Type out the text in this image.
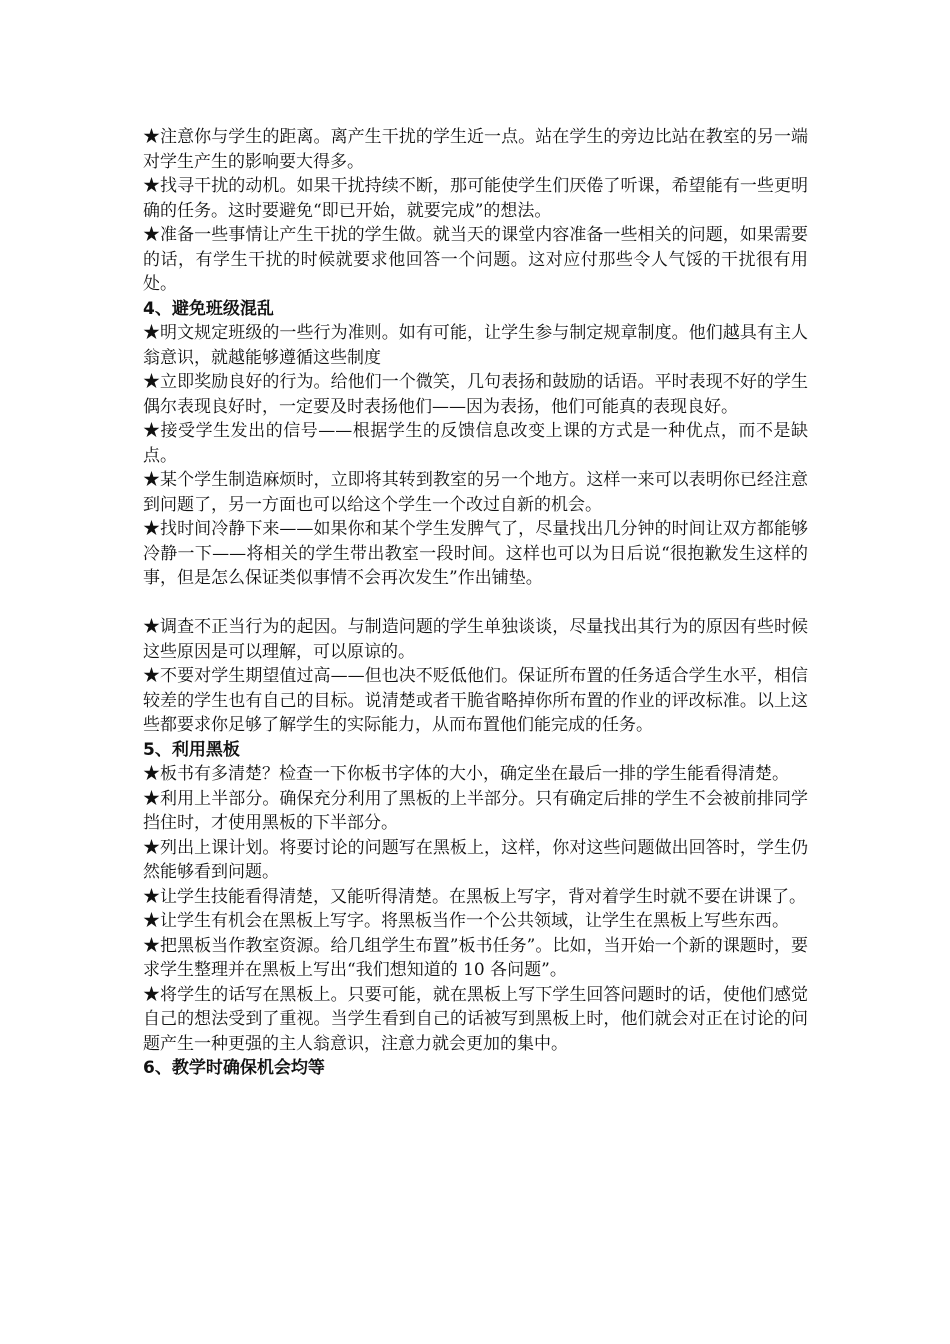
★注意你与学生的距离。离产生干扰的学生近一点。站在学生的旁边比站在教室的另一端对学生产生的影响要大得多。

★找寻干扰的动机。如果干扰持续不断，那可能使学生们厌倦了听课，希望能有一些更明确的任务。这时要避免“即已开始，就要完成”的想法。

★准备一些事情让产生干扰的学生做。就当天的课堂内容准备一些相关的问题，如果需要的话，有学生干扰的时候就要求他回答一个问题。这对应付那些令人气馁的干扰很有用处。

4、避免班级混乱

★明文规定班级的一些行为准则。如有可能，让学生参与制定规章制度。他们越具有主人翁意识，就越能够遵循这些制度

★立即奖励良好的行为。给他们一个微笑，几句表扬和鼓励的话语。平时表现不好的学生偶尔表现良好时，一定要及时表扬他们——因为表扬，他们可能真的表现良好。

★接受学生发出的信号——根据学生的反馈信息改变上课的方式是一种优点，而不是缺点。

★某个学生制造麻烦时，立即将其转到教室的另一个地方。这样一来可以表明你已经注意到问题了，另一方面也可以给这个学生一个改过自新的机会。

★找时间冷静下来——如果你和某个学生发脾气了，尽量找出几分钟的时间让双方都能够冷静一下——将相关的学生带出教室一段时间。这样也可以为日后说“很抱歉发生这样的事，但是怎么保证类似事情不会再次发生”作出铺垫。

★调查不正当行为的起因。与制造问题的学生单独谈谈，尽量找出其行为的原因有些时候这些原因是可以理解，可以原谅的。

★不要对学生期望值过高——但也决不贬低他们。保证所布置的任务适合学生水平，相信较差的学生也有自己的目标。说清楚或者干脆省略掉你所布置的作业的评改标准。以上这些都要求你足够了解学生的实际能力，从而布置他们能完成的任务。

5、利用黑板

★板书有多清楚？检查一下你板书字体的大小，确定坐在最后一排的学生能看得清楚。

★利用上半部分。确保充分利用了黑板的上半部分。只有确定后排的学生不会被前排同学挡住时，才使用黑板的下半部分。

★列出上课计划。将要讨论的问题写在黑板上，这样，你对这些问题做出回答时，学生仍然能够看到问题。

★让学生技能看得清楚，又能听得清楚。在黑板上写字，背对着学生时就不要在讲课了。

★让学生有机会在黑板上写字。将黑板当作一个公共领域，让学生在黑板上写些东西。

★把黑板当作教室资源。给几组学生布置”板书任务”。比如，当开始一个新的课题时，要求学生整理并在黑板上写出“我们想知道的 10 各问题”。

★将学生的话写在黑板上。只要可能，就在黑板上写下学生回答问题时的话，使他们感觉自己的想法受到了重视。当学生看到自己的话被写到黑板上时，他们就会对正在讨论的问题产生一种更强的主人翁意识，注意力就会更加的集中。

6、教学时确保机会均等
